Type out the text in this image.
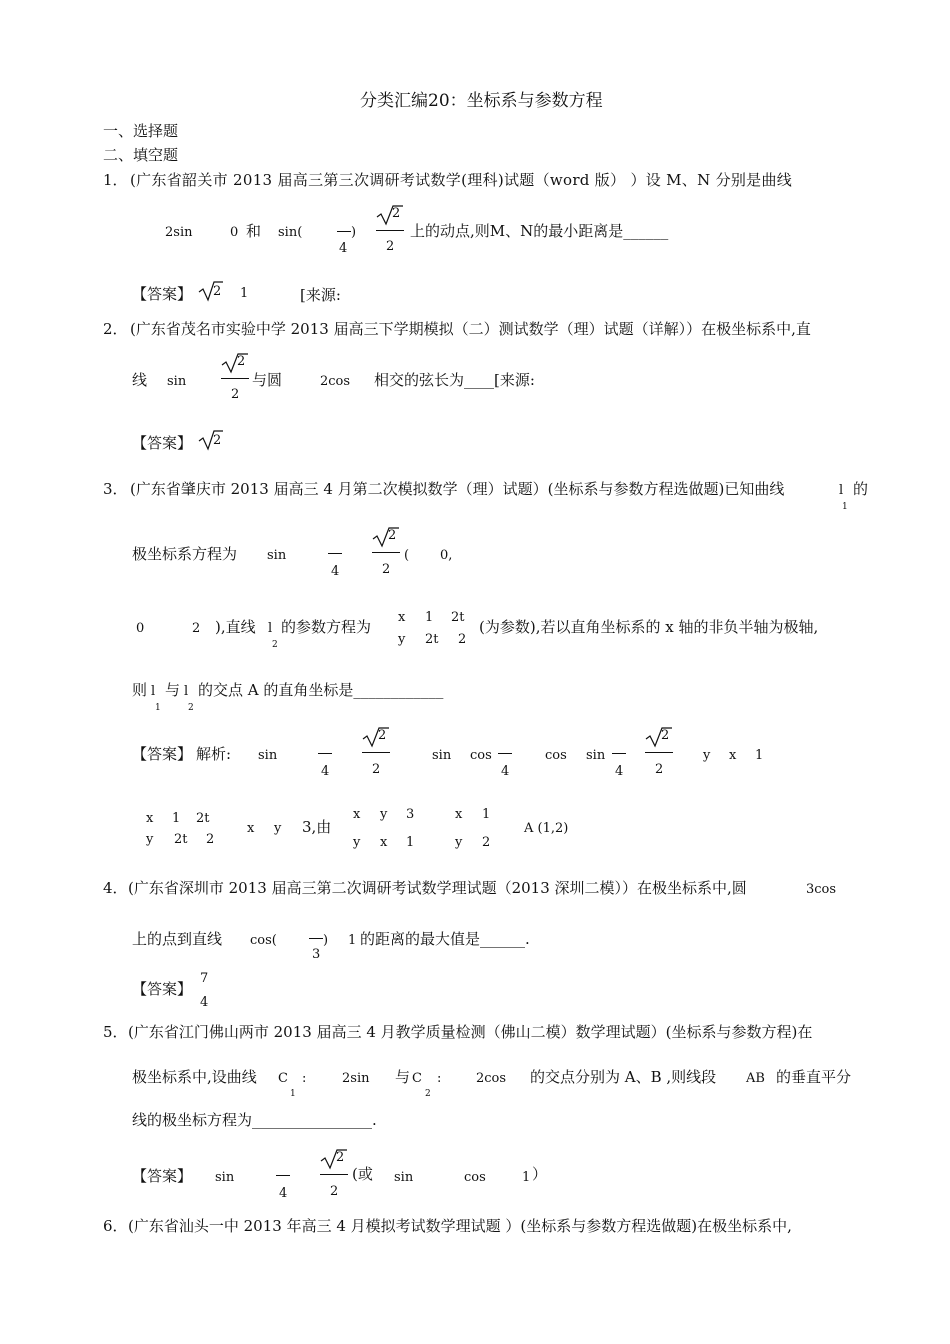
分类汇编20：坐标系与参数方程
一、选择题
二、填空题
1． (广东省韶关市 2013 届高三第三次调研考试数学(理科)试题（word 版） ）设 M、N 分别是曲线
2sin	0 和 sin(
4
)
2
2
上的动点,则M、N的最小距离是______
【答案】 2 1	[来源:
2． (广东省茂名市实验中学 2013 届高三下学期模拟（二）测试数学（理）试题（详解））在极坐标系中,直
线 sin
2
2
与圆	2cos 相交的弦长为____[来源:
【答案】 2
3． (广东省肇庆市 2013 届高三 4 月第二次模拟数学（理）试题）(坐标系与参数方程选做题)已知曲线	l
1
的
极坐标系方程为 sin
4
2
2
( 0,
0	2 ),直线 l
2
的参数方程为
x 1 2t
y 2t 2
(为参数),若以直角坐标系的 x 轴的非负半轴为极轴,
则 l
1
与 l
2
的交点 A 的直角坐标是____________
【答案】 解析: sin
4
2
2
sin cos
4
cos sin
4
2
2
y x 1
x 1 2t
y 2t 2
x y 3,由
x y 3
y x 1
x 1
y 2
A (1,2)
4． (广东省深圳市 2013 届高三第二次调研考试数学理试题（2013 深圳二模））在极坐标系中,圆	3cos
上的点到直线 cos(
3
) 1 的距离的最大值是______.
【答案】
7
4
5． (广东省江门佛山两市 2013 届高三 4 月教学质量检测（佛山二模）数学理试题）(坐标系与参数方程)在
极坐标系中,设曲线 C
1
:	2sin 与 C
2
:	2cos 的交点分别为 A、B ,则线段 AB 的垂直平分
线的极坐标方程为________________.
【答案】 sin
4
2
2
(或 sin	cos	1 ）
6． (广东省汕头一中 2013 年高三 4 月模拟考试数学理试题 ）(坐标系与参数方程选做题)在极坐标系中,
